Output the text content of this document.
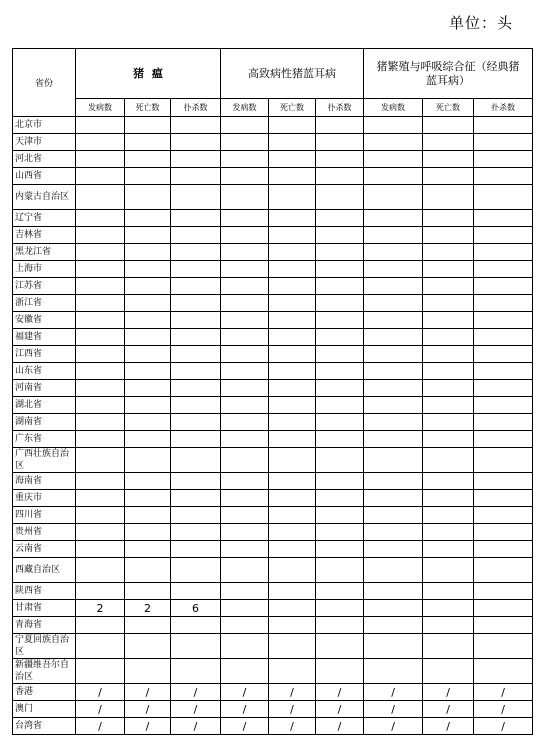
单位：头
省份	猪  瘟			高致病性猪蓝耳病			猪繁殖与呼吸综合征（经典猪蓝耳病）		
	发病数	死亡数	扑杀数	发病数	死亡数	扑杀数	发病数	死亡数	扑杀数
北京市									
天津市									
河北省									
山西省									
内蒙古自治区									
辽宁省									
吉林省									
黑龙江省									
上海市									
江苏省									
浙江省									
安徽省									
福建省									
江西省									
山东省									
河南省									
湖北省									
湖南省									
广东省									
广西壮族自治区									
海南省									
重庆市									
四川省									
贵州省									
云南省									
西藏自治区									
陕西省									
甘肃省	2	2	6						
青海省									
宁夏回族自治区									
新疆维吾尔自治区									
香港	/	/	/	/	/	/	/	/	/
澳门	/	/	/	/	/	/	/	/	/
台湾省	/	/	/	/	/	/	/	/	/
